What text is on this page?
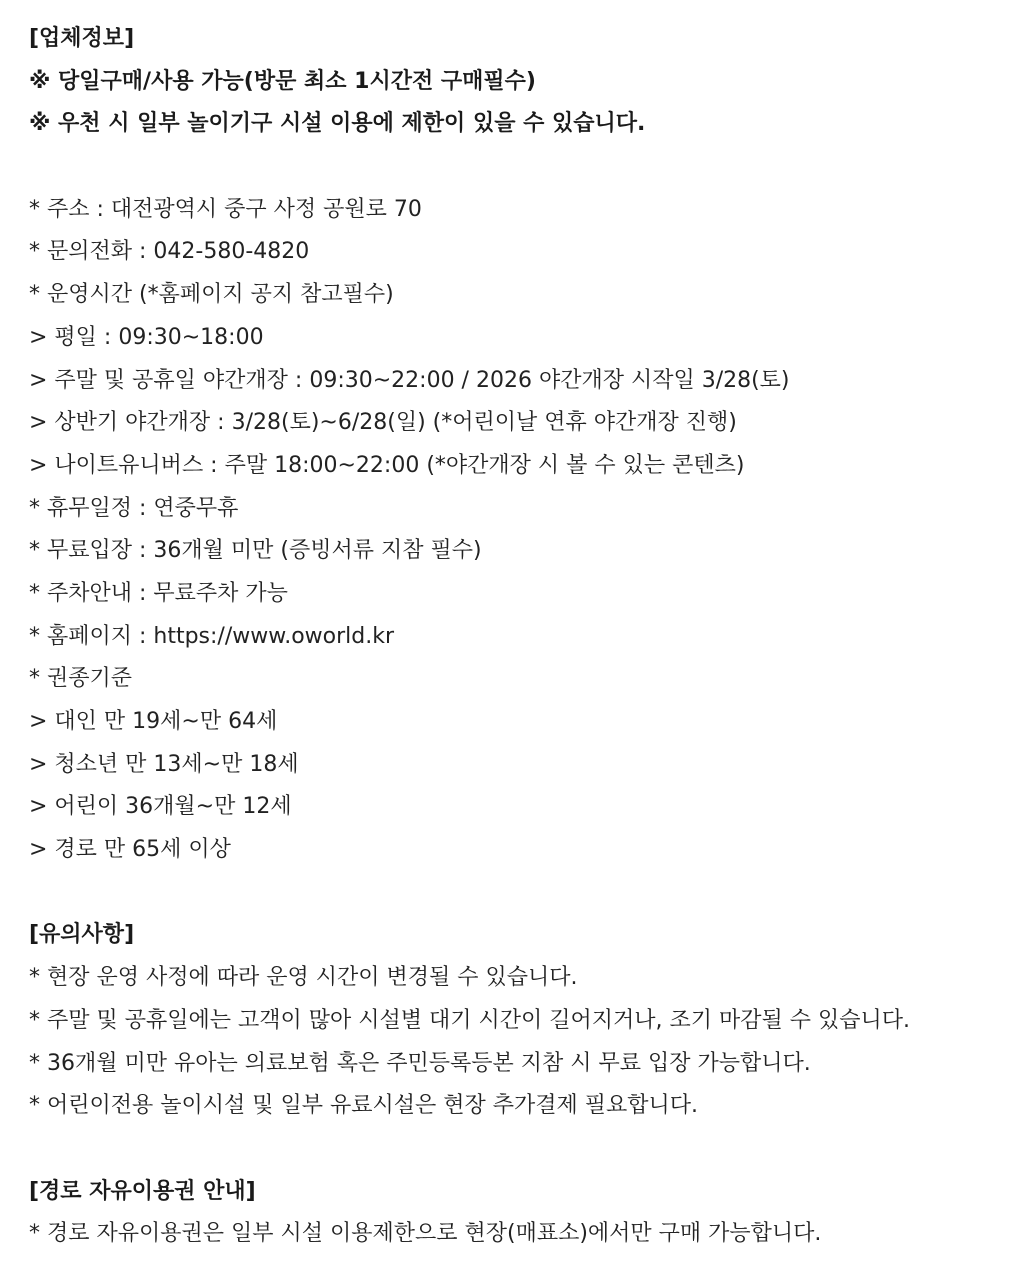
[업체정보]

※ 당일구매/사용 가능(방문 최소 1시간전 구매필수)

※ 우천 시 일부 놀이기구 시설 이용에 제한이 있을 수 있습니다.

* 주소 : 대전광역시 중구 사정 공원로 70

* 문의전화 : 042-580-4820

* 운영시간 (*홈페이지 공지 참고필수)

> 평일 : 09:30~18:00

> 주말 및 공휴일 야간개장 : 09:30~22:00 / 2026 야간개장 시작일 3/28(토)

> 상반기 야간개장 : 3/28(토)~6/28(일) (*어린이날 연휴 야간개장 진행)

> 나이트유니버스 : 주말 18:00~22:00 (*야간개장 시 볼 수 있는 콘텐츠)

* 휴무일정 : 연중무휴

* 무료입장 : 36개월 미만 (증빙서류 지참 필수)

* 주차안내 : 무료주차 가능

* 홈페이지 : https://www.oworld.kr

* 권종기준

> 대인 만 19세~만 64세

> 청소년 만 13세~만 18세

> 어린이 36개월~만 12세

> 경로 만 65세 이상

[유의사항]

* 현장 운영 사정에 따라 운영 시간이 변경될 수 있습니다.

* 주말 및 공휴일에는 고객이 많아 시설별 대기 시간이 길어지거나, 조기 마감될 수 있습니다.

* 36개월 미만 유아는 의료보험 혹은 주민등록등본 지참 시 무료 입장 가능합니다.

* 어린이전용 놀이시설 및 일부 유료시설은 현장 추가결제 필요합니다.

[경로 자유이용권 안내]

* 경로 자유이용권은 일부 시설 이용제한으로 현장(매표소)에서만 구매 가능합니다.
